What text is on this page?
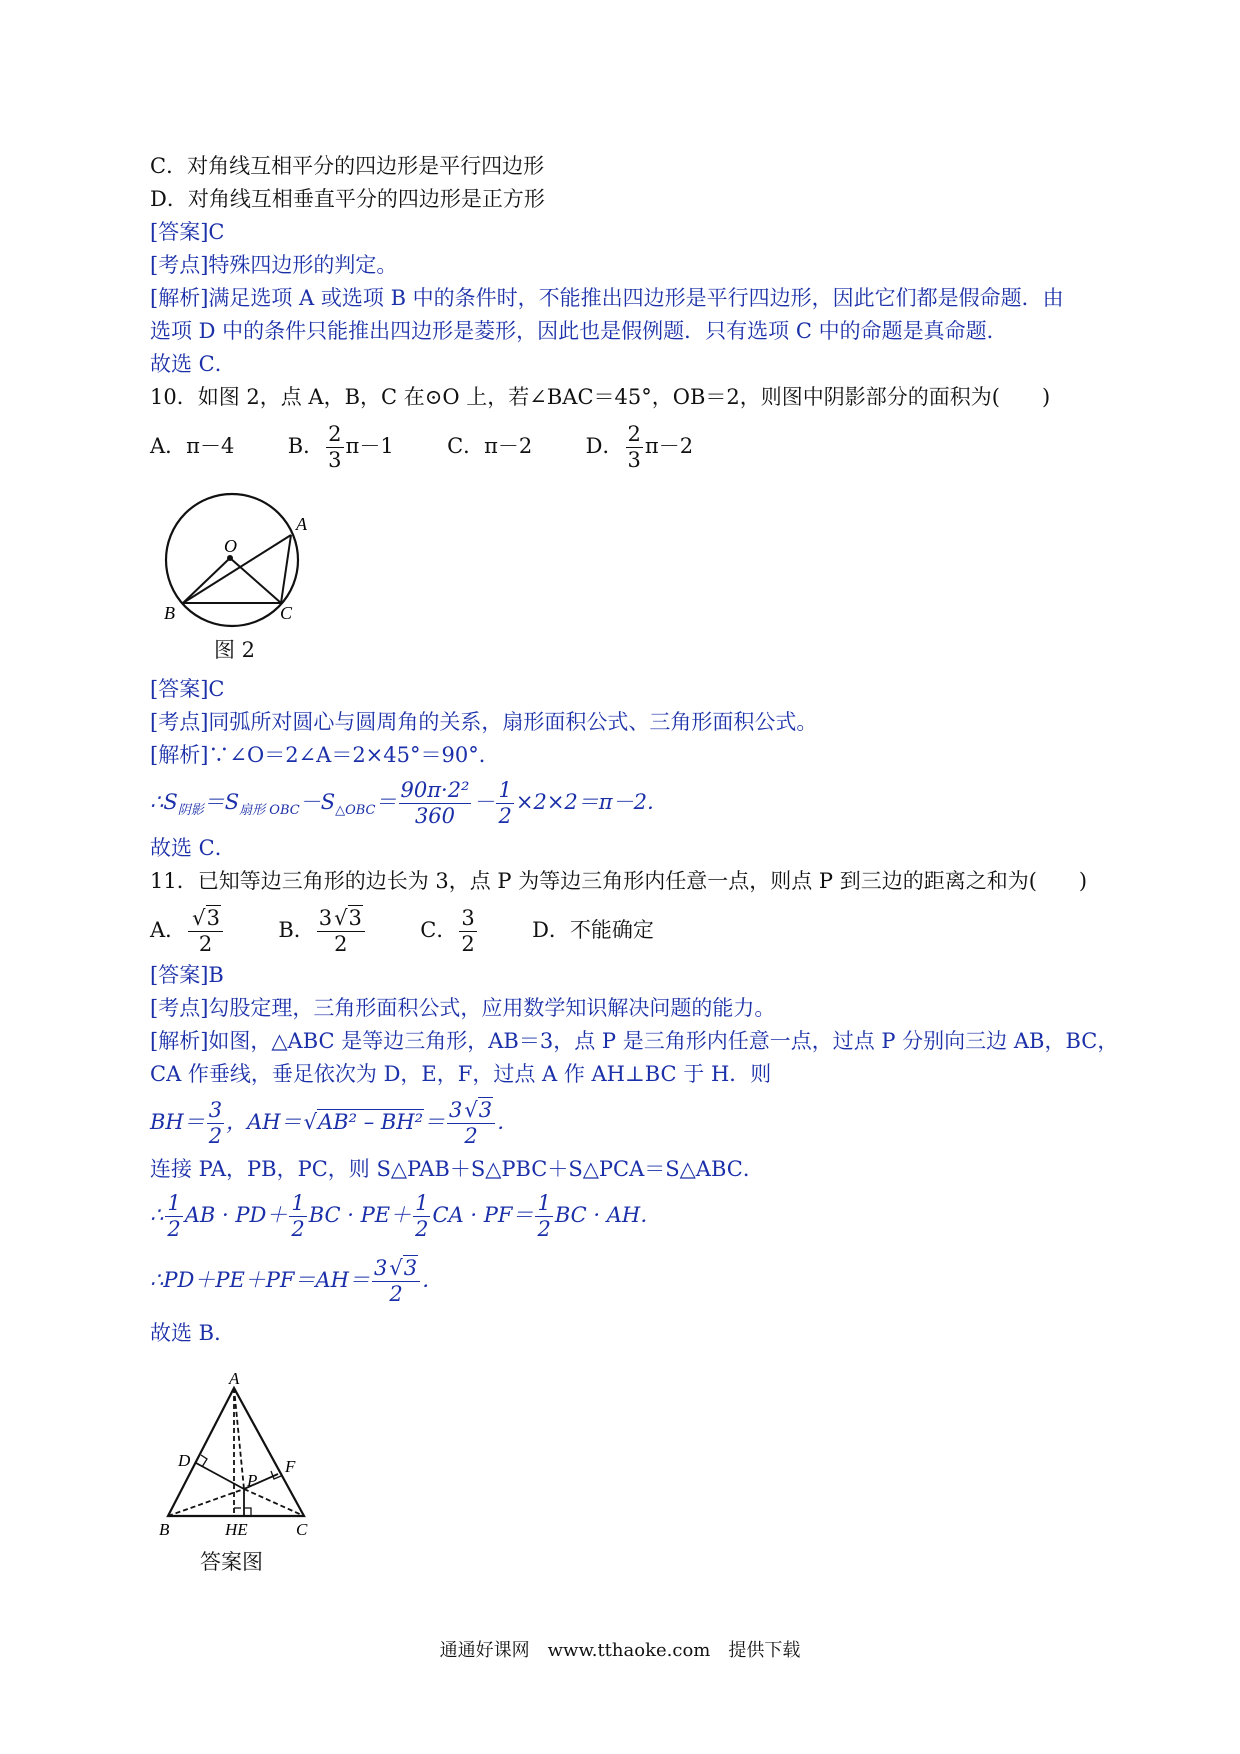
C．对角线互相平分的四边形是平行四边形
D．对角线互相垂直平分的四边形是正方形
[答案]C
[考点]特殊四边形的判定。
[解析]满足选项 A 或选项 B 中的条件时，不能推出四边形是平行四边形，因此它们都是假命题．由
选项 D 中的条件只能推出四边形是菱形，因此也是假例题．只有选项 C 中的命题是真命题．
故选 C．
10．如图 2，点 A，B，C 在⊙O 上，若∠BAC＝45°，OB＝2，则图中阴影部分的面积为(　　)
A．π－4	B． $\frac{2}{3} \pi-1$	C．π－2	D． $\frac{2}{3} \pi-2$
O
A
B	C
图 2
[答案]C
[考点]同弧所对圆心与圆周角的关系，扇形面积公式、三角形面积公式。
[解析]∵∠O＝2∠A＝2×45°＝90°．
$\therefore S_{阴影}=S_{扇形 OBC}-S_{\triangle OBC}= \frac{\text{90π·2²}}{360} - \frac{1}{2} \times 2\times 2=\pi-2$．
故选 C．
11．已知等边三角形的边长为 3，点 P 为等边三角形内任意一点，则点 P 到三边的距离之和为(　　)
A． $\frac{√3}{2}$	B． $\frac{3√3}{2}$	C． $\frac{3}{2}$	D．不能确定
[答案]B
[考点]勾股定理，三角形面积公式，应用数学知识解决问题的能力。
[解析]如图，△ABC 是等边三角形，AB＝3，点 P 是三角形内任意一点，过点 P 分别向三边 AB，BC，
CA 作垂线，垂足依次为 D，E，F，过点 A 作 AH⊥BC 于 H．则
$BH= \frac{3}{2}$ ，$AH=√AB^2 - BH^2= \frac{3√3}{2}$ ．
连接 PA，PB，PC，则 S△PAB＋S△PBC＋S△PCA＝S△ABC．
∴ $\frac{1}{2}$ AB · $PD+ \frac{1}{2}$ BC · $PE+ \frac{1}{2}$ CA · $PF= \frac{1}{2}$ BC · AH．
∴PD＋PE＋PF＝AH＝ $\frac{3√3}{2}$ ．
故选 B．
A
D	F
P
B	HE	C
答案图
通通好课网　www.tthaoke.com　提供下载
